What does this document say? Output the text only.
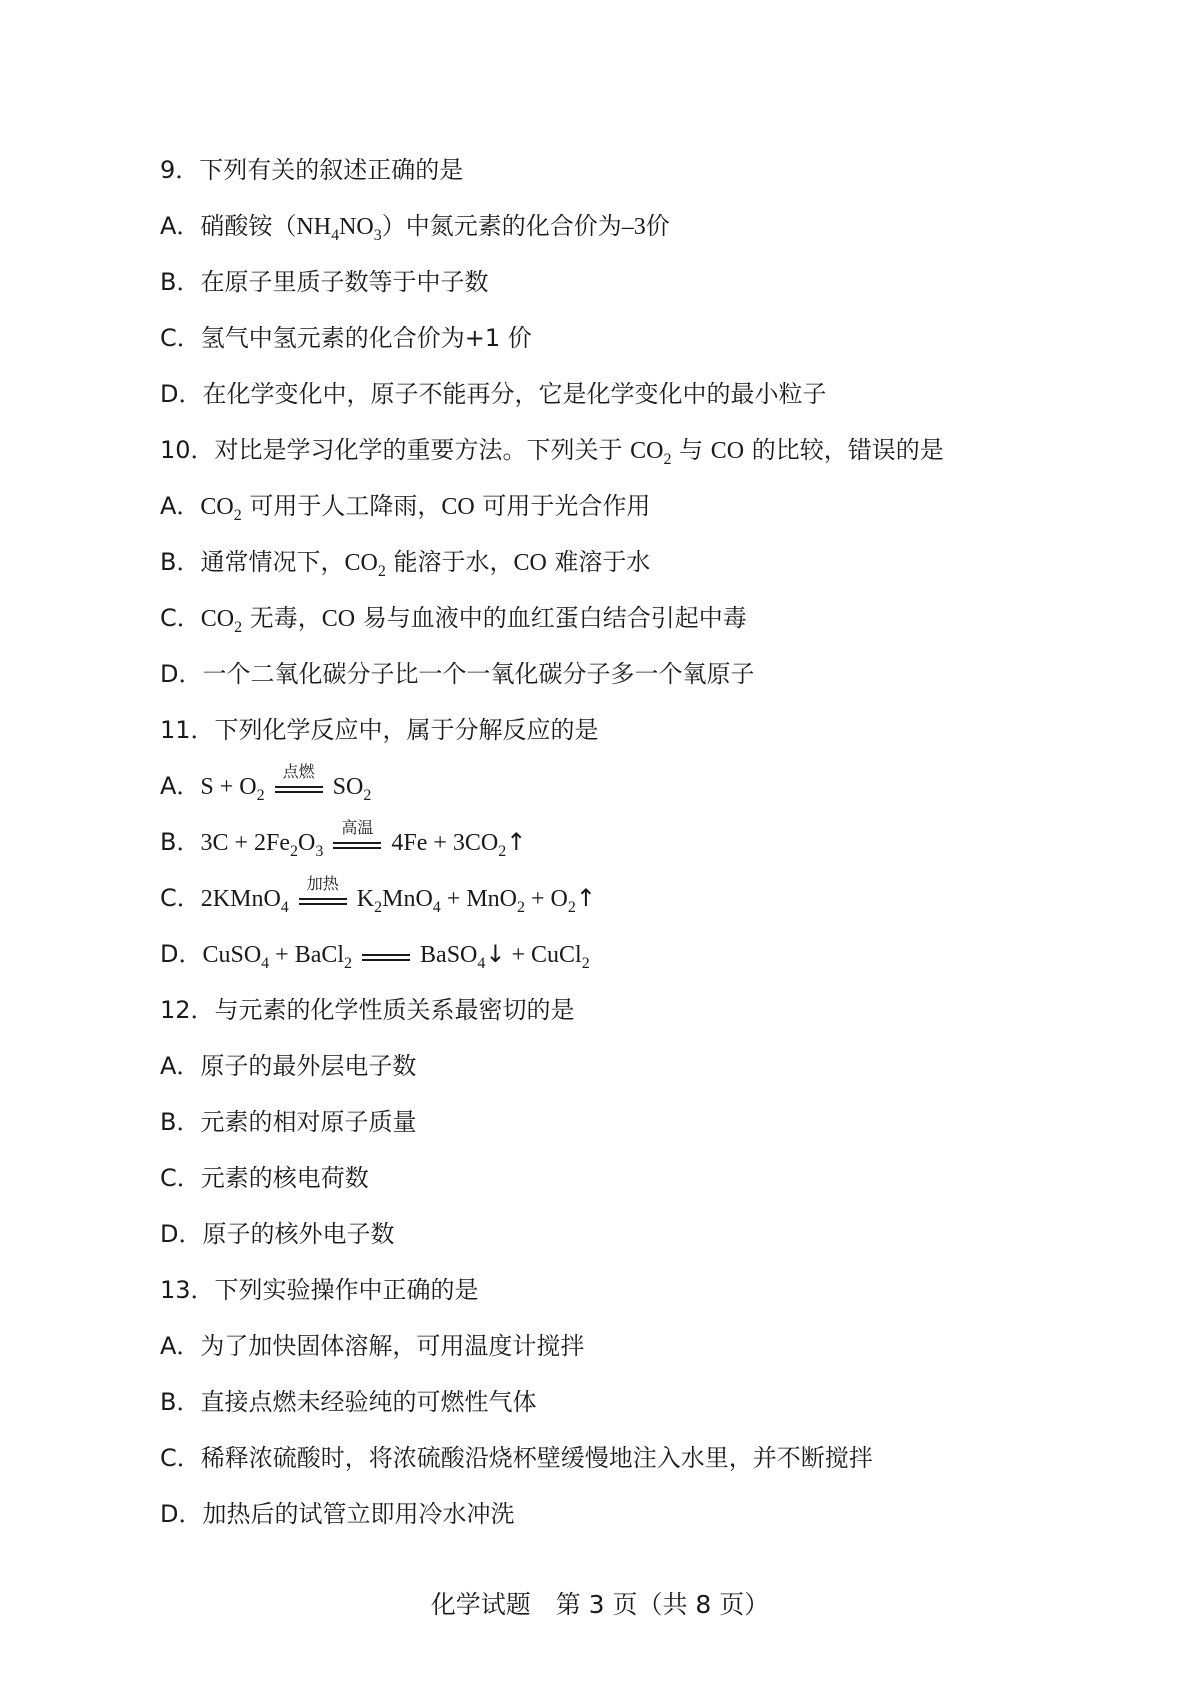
9．下列有关的叙述正确的是
A．硝酸铵$(NH_4NO_3)$中氮元素的化合价为–3价
B．在原子里质子数等于中子数
C．氢气中氢元素的化合价为+1 价
D．在化学变化中，原子不能再分，它是化学变化中的最小粒子
10．对比是学习化学的重要方法。下列关于 $CO_2$ 与 CO 的比较，错误的是
A．$CO_2$ 可用于人工降雨，CO 可用于光合作用
B．通常情况下，$CO_2$ 能溶于水，CO 难溶于水
C．$CO_2$ 无毒，CO 易与血液中的血红蛋白结合引起中毒
D．一个二氧化碳分子比一个一氧化碳分子多一个氧原子
11．下列化学反应中，属于分解反应的是
A．$S + O_2$
点燃
$SO_2$
B．$3C + 2Fe_2O_3$
高温
$4Fe + 3CO_2↑$
C．2KMnO$_4$
加热
$K_2MnO_4 + MnO_2$ + $O_2↑$
D．CuSO$_4$ + BaCl$_2$	BaSO$_4$↓ + CuCl$_2$
12．与元素的化学性质关系最密切的是
A．原子的最外层电子数
B．元素的相对原子质量
C．元素的核电荷数
D．原子的核外电子数
13．下列实验操作中正确的是
A．为了加快固体溶解，可用温度计搅拌
B．直接点燃未经验纯的可燃性气体
C．稀释浓硫酸时，将浓硫酸沿烧杯壁缓慢地注入水里，并不断搅拌
D．加热后的试管立即用冷水冲洗
化学试题　第 3 页（共 8 页）
